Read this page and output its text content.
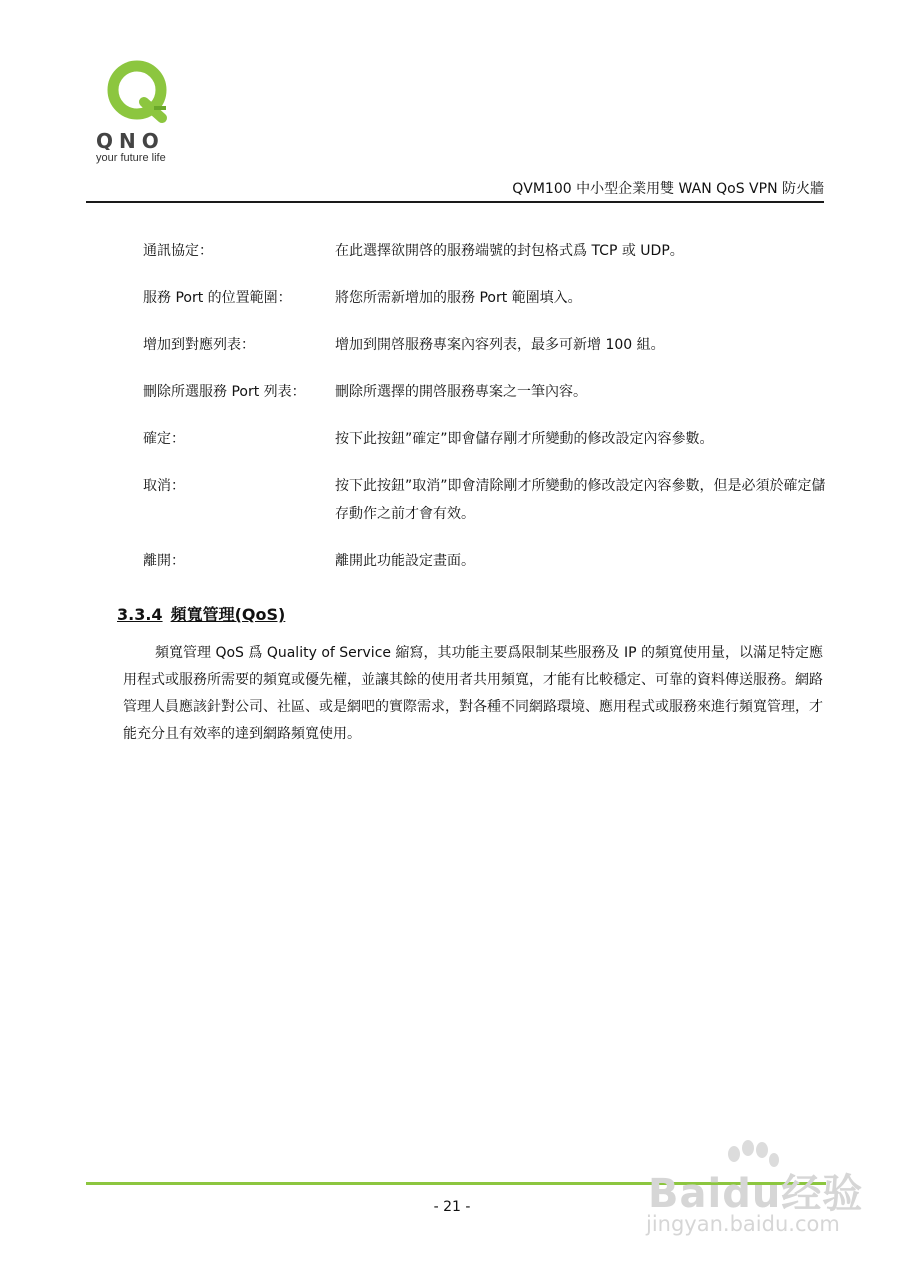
QNO
your future life
QVM100 中小型企業用雙 WAN QoS VPN 防火牆
通訊協定：	在此選擇欲開啓的服務端號的封包格式爲 TCP 或 UDP。
服務 Port 的位置範圍：	將您所需新增加的服務 Port 範圍填入。
增加到對應列表：	增加到開啓服務專案內容列表，最多可新增 100 組。
刪除所選服務 Port 列表：	刪除所選擇的開啓服務專案之一筆內容。
確定：	按下此按鈕”確定”即會儲存剛才所變動的修改設定內容參數。
取消：	按下此按鈕”取消”即會清除剛才所變動的修改設定內容參數，但是必須於確定儲存動作之前才會有效。
離開：	離開此功能設定畫面。
3.3.4 頻寬管理(QoS)
頻寬管理 QoS 爲 Quality of Service 縮寫，其功能主要爲限制某些服務及 IP 的頻寬使用量，以滿足特定應用程式或服務所需要的頻寬或優先權，並讓其餘的使用者共用頻寬，才能有比較穩定、可靠的資料傳送服務。網路管理人員應該針對公司、社區、或是網吧的實際需求，對各種不同網路環境、應用程式或服務來進行頻寬管理，才能充分且有效率的達到網路頻寬使用。
- 21 -	Baidu经验
jingyan.baidu.com
